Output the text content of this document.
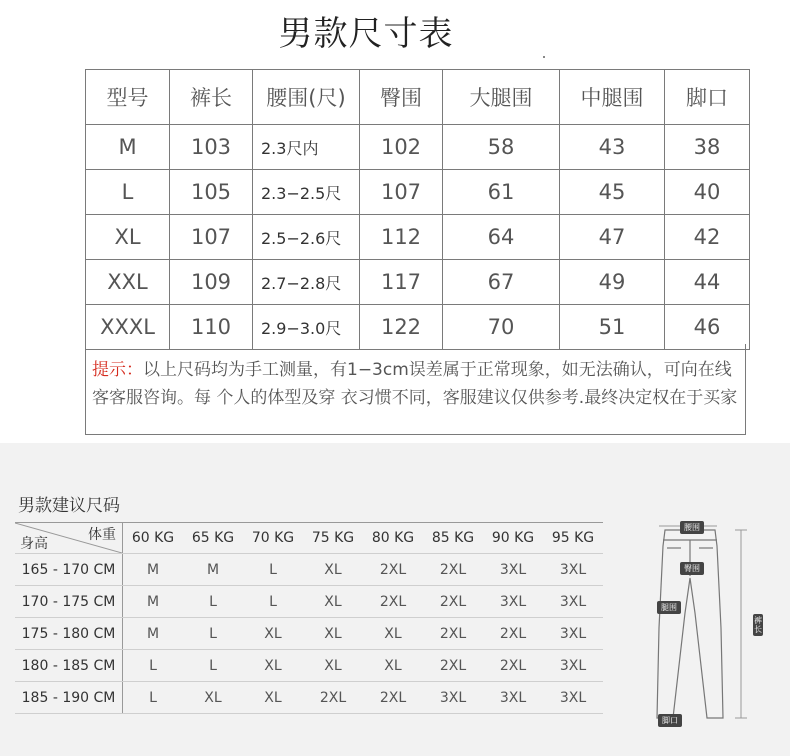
男款尺寸表
型号	裤长	腰围(尺)	臀围	大腿围	中腿围	脚口
M	103	2.3尺内	102	58	43	38
L	105	2.3−2.5尺	107	61	45	40
XL	107	2.5−2.6尺	112	64	47	42
XXL	109	2.7−2.8尺	117	67	49	44
XXXL	110	2.9−3.0尺	122	70	51	46
提示：以上尺码均为手工测量，有1−3cm误差属于正常现象，如无法确认，可向在线客客服咨询。每 个人的体型及穿 衣习惯不同，客服建议仅供参考.最终决定权在于买家
男款建议尺码
体重
身高	60 KG	65 KG	70 KG	75 KG	80 KG	85 KG	90 KG	95 KG
165 - 170 CM	M	M	L	XL	2XL	2XL	3XL	3XL
170 - 175 CM	M	L	L	XL	2XL	2XL	3XL	3XL
175 - 180 CM	M	L	XL	XL	XL	2XL	2XL	3XL
180 - 185 CM	L	L	XL	XL	XL	2XL	2XL	3XL
185 - 190 CM	L	XL	XL	2XL	2XL	3XL	3XL	3XL
腰围
臀围
腿围
裤长
脚口
